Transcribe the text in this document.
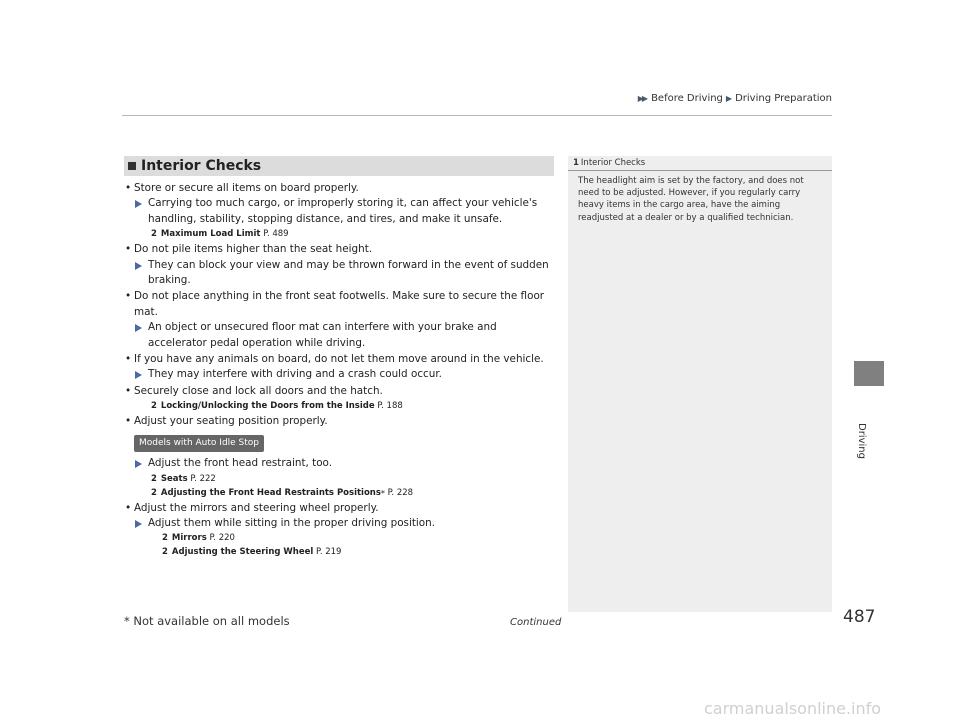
▶▶ Before Driving ▶ Driving Preparation
Interior Checks
• Store or secure all items on board properly.
Carrying too much cargo, or improperly storing it, can affect your vehicle's handling, stability, stopping distance, and tires, and make it unsafe.
2 Maximum Load Limit P. 489
• Do not pile items higher than the seat height.
They can block your view and may be thrown forward in the event of sudden braking.
• Do not place anything in the front seat footwells. Make sure to secure the floor mat.
An object or unsecured floor mat can interfere with your brake and accelerator pedal operation while driving.
• If you have any animals on board, do not let them move around in the vehicle.
They may interfere with driving and a crash could occur.
• Securely close and lock all doors and the hatch.
2 Locking/Unlocking the Doors from the Inside P. 188
• Adjust your seating position properly.
Models with Auto Idle Stop
Adjust the front head restraint, too.
2 Seats P. 222
2 Adjusting the Front Head Restraints Positions* P. 228
• Adjust the mirrors and steering wheel properly.
Adjust them while sitting in the proper driving position.
2 Mirrors P. 220
2 Adjusting the Steering Wheel P. 219
1 Interior Checks
The headlight aim is set by the factory, and does not need to be adjusted. However, if you regularly carry heavy items in the cargo area, have the aiming readjusted at a dealer or by a qualified technician.
Driving
* Not available on all models	Continued	487
carmanualsonline.info
